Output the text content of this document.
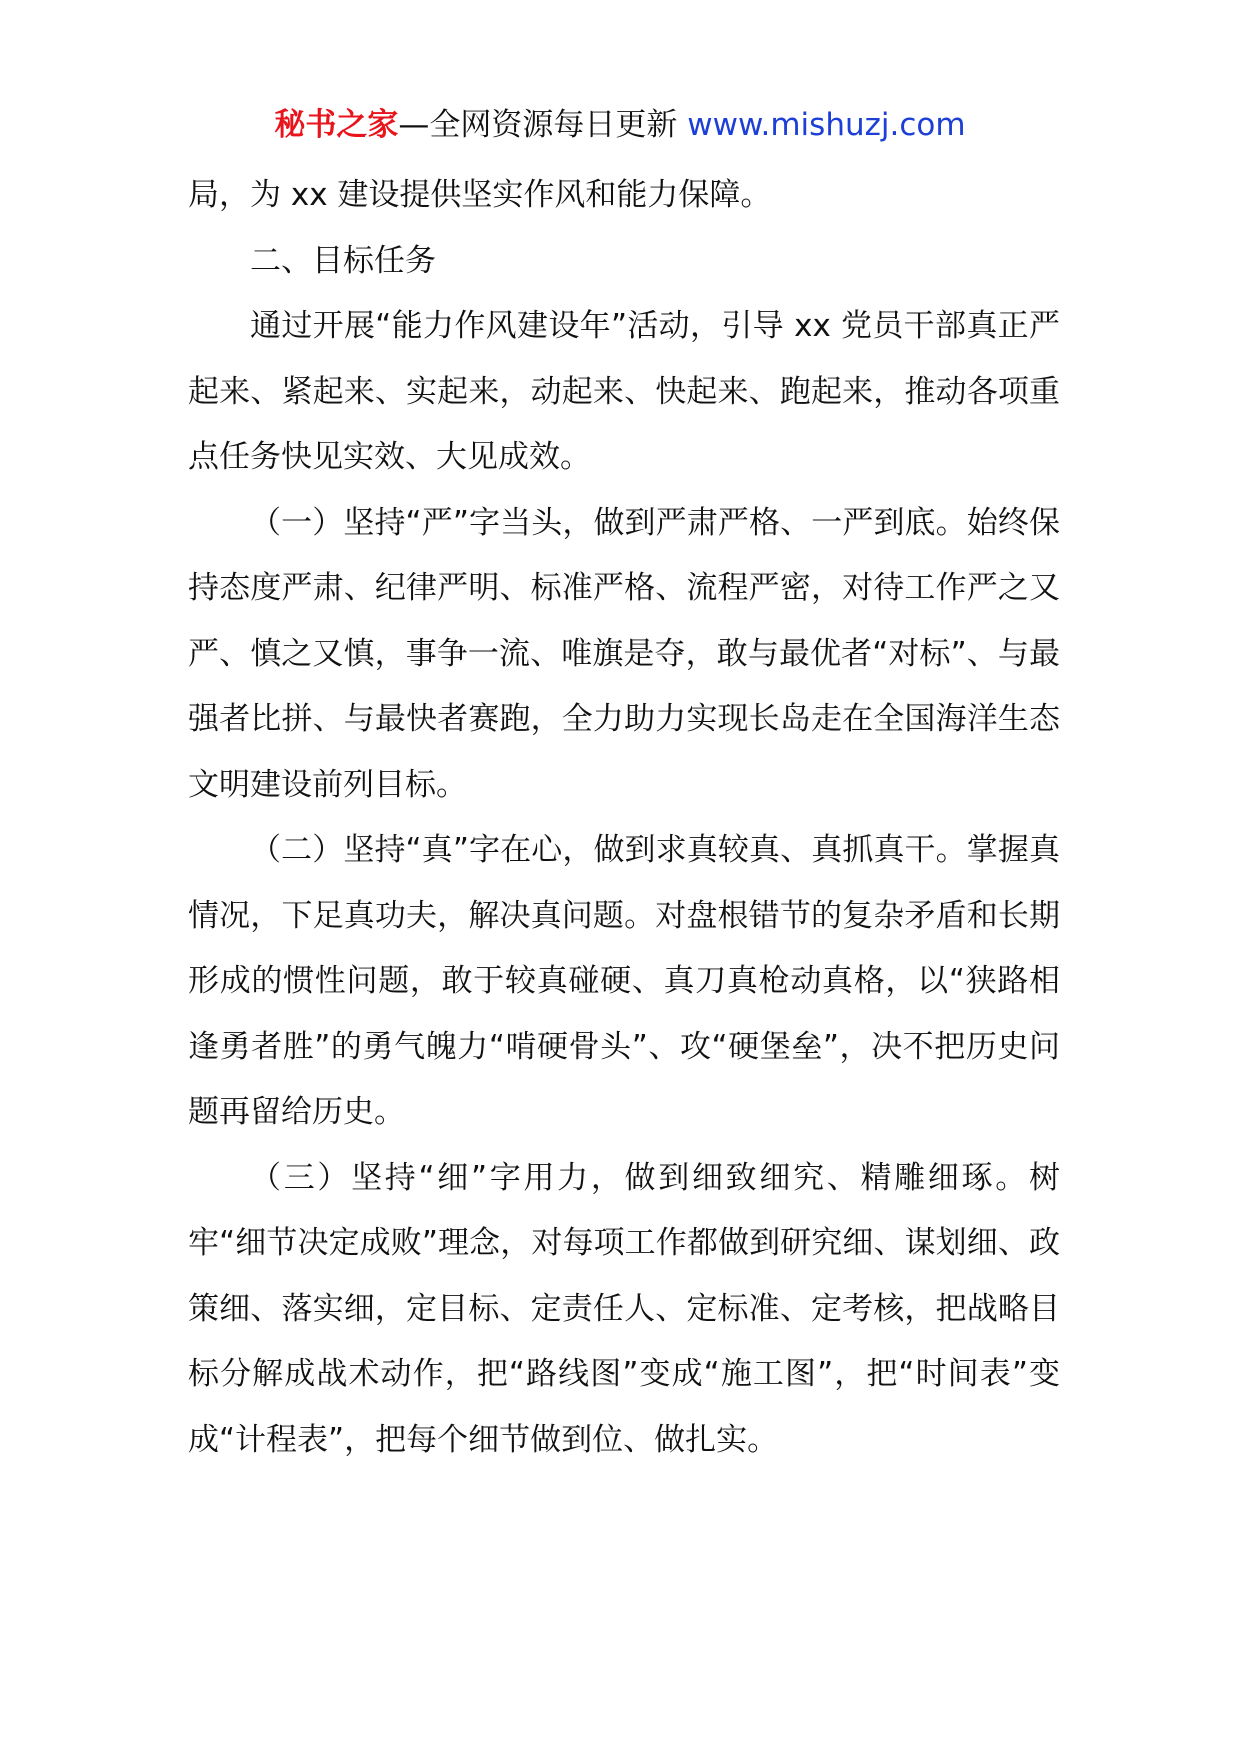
秘书之家—全网资源每日更新 www.mishuzj.com

局，为 xx 建设提供坚实作风和能力保障。

二、目标任务

通过开展“能力作风建设年”活动，引导 xx 党员干部真正严起来、紧起来、实起来，动起来、快起来、跑起来，推动各项重点任务快见实效、大见成效。

（一）坚持“严”字当头，做到严肃严格、一严到底。始终保持态度严肃、纪律严明、标准严格、流程严密，对待工作严之又严、慎之又慎，事争一流、唯旗是夺，敢与最优者“对标”、与最强者比拼、与最快者赛跑，全力助力实现长岛走在全国海洋生态文明建设前列目标。

（二）坚持“真”字在心，做到求真较真、真抓真干。掌握真情况，下足真功夫，解决真问题。对盘根错节的复杂矛盾和长期形成的惯性问题，敢于较真碰硬、真刀真枪动真格，以“狭路相逢勇者胜”的勇气魄力“啃硬骨头”、攻“硬堡垒”，决不把历史问题再留给历史。

（三）坚持“细”字用力，做到细致细究、精雕细琢。树牢“细节决定成败”理念，对每项工作都做到研究细、谋划细、政策细、落实细，定目标、定责任人、定标准、定考核，把战略目标分解成战术动作，把“路线图”变成“施工图”，把“时间表”变成“计程表”，把每个细节做到位、做扎实。
